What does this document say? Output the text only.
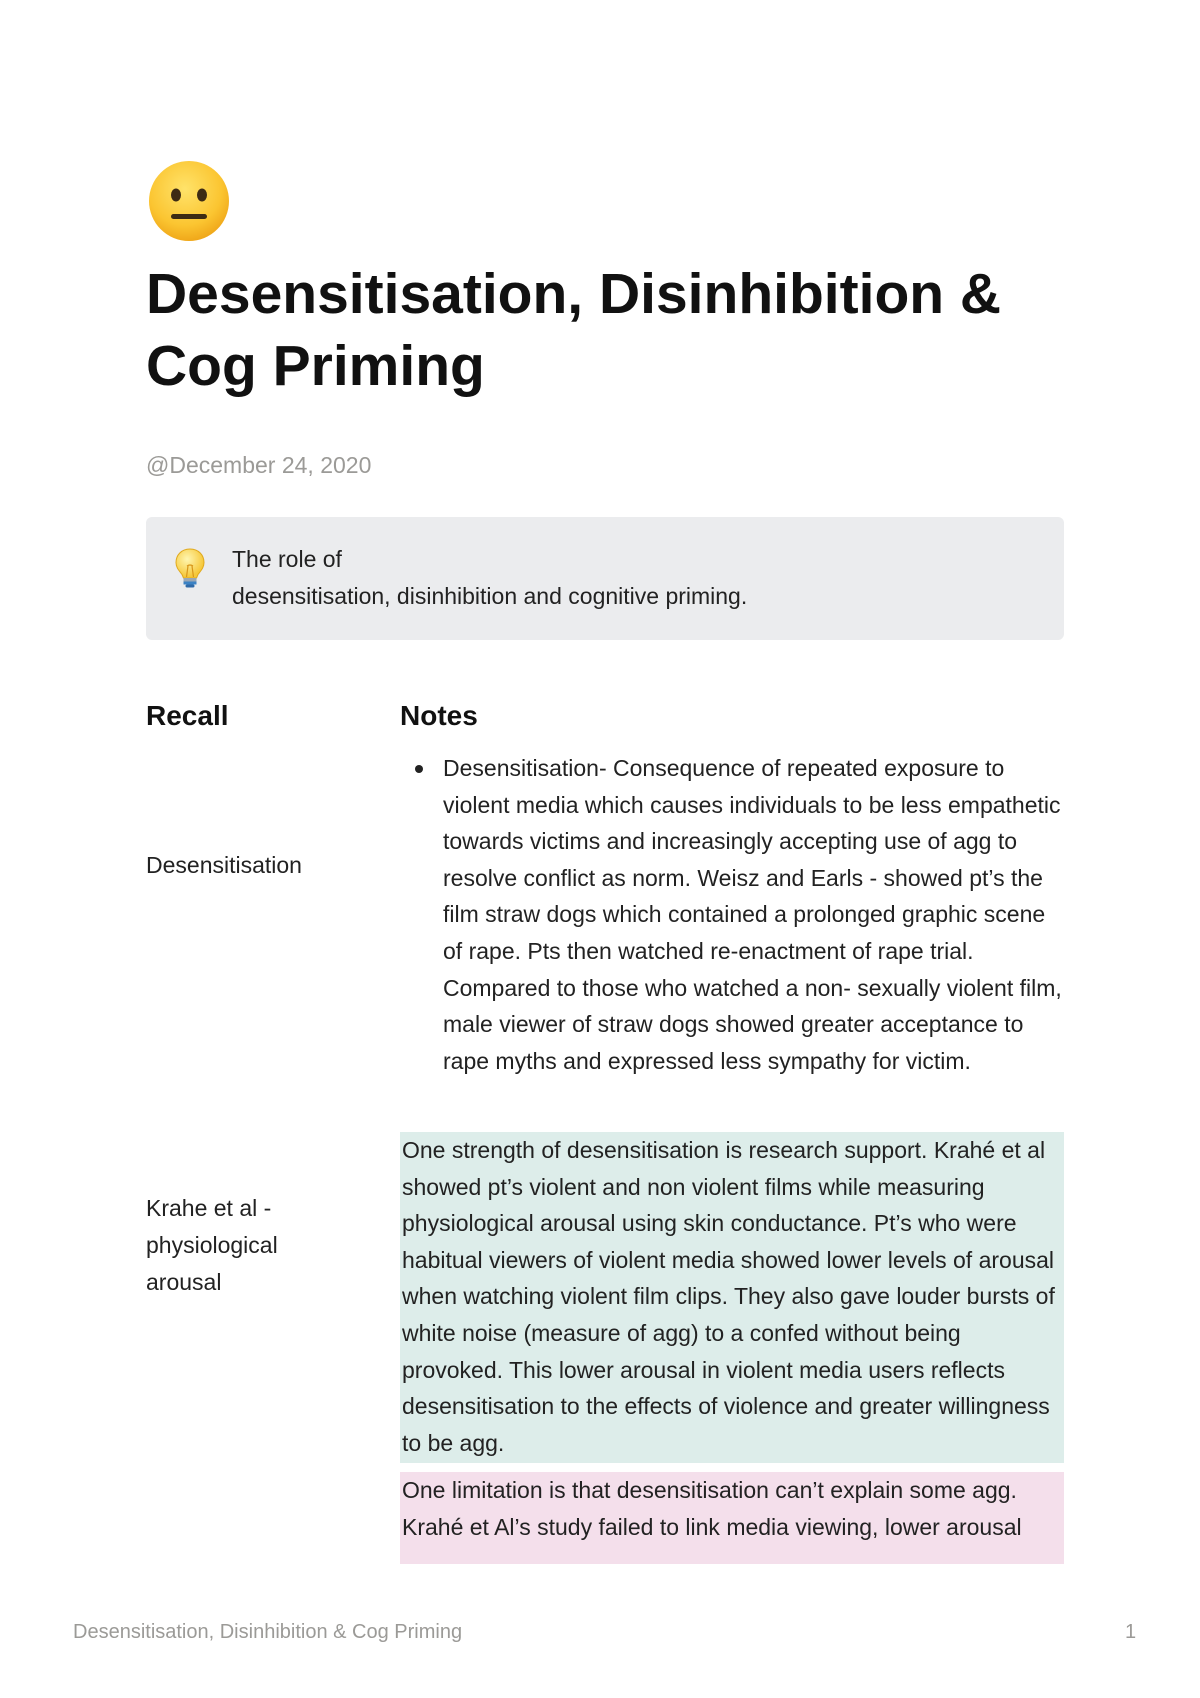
Desensitisation, Disinhibition & Cog Priming
@December 24, 2020
The role of
desensitisation, disinhibition and cognitive priming.
Recall	Notes
Desensitisation
Krahe et al - physiological arousal
Desensitisation- Consequence of repeated exposure to violent media which causes individuals to be less empathetic towards victims and increasingly accepting use of agg to resolve conflict as norm. Weisz and Earls - showed pt’s the film straw dogs which contained a prolonged graphic scene of rape. Pts then watched re-enactment of rape trial. Compared to those who watched a non- sexually violent film, male viewer of straw dogs showed greater acceptance to rape myths and expressed less sympathy for victim.
One strength of desensitisation is research support. Krahé et al showed pt’s violent and non violent films while measuring physiological arousal using skin conductance. Pt’s who were habitual viewers of violent media showed lower levels of arousal when watching violent film clips. They also gave louder bursts of white noise (measure of agg) to a confed without being provoked. This lower arousal in violent media users reflects desensitisation to the effects of violence and greater willingness to be agg.
One limitation is that desensitisation can’t explain some agg. Krahé et Al’s study failed to link media viewing, lower arousal
Desensitisation, Disinhibition & Cog Priming	1
